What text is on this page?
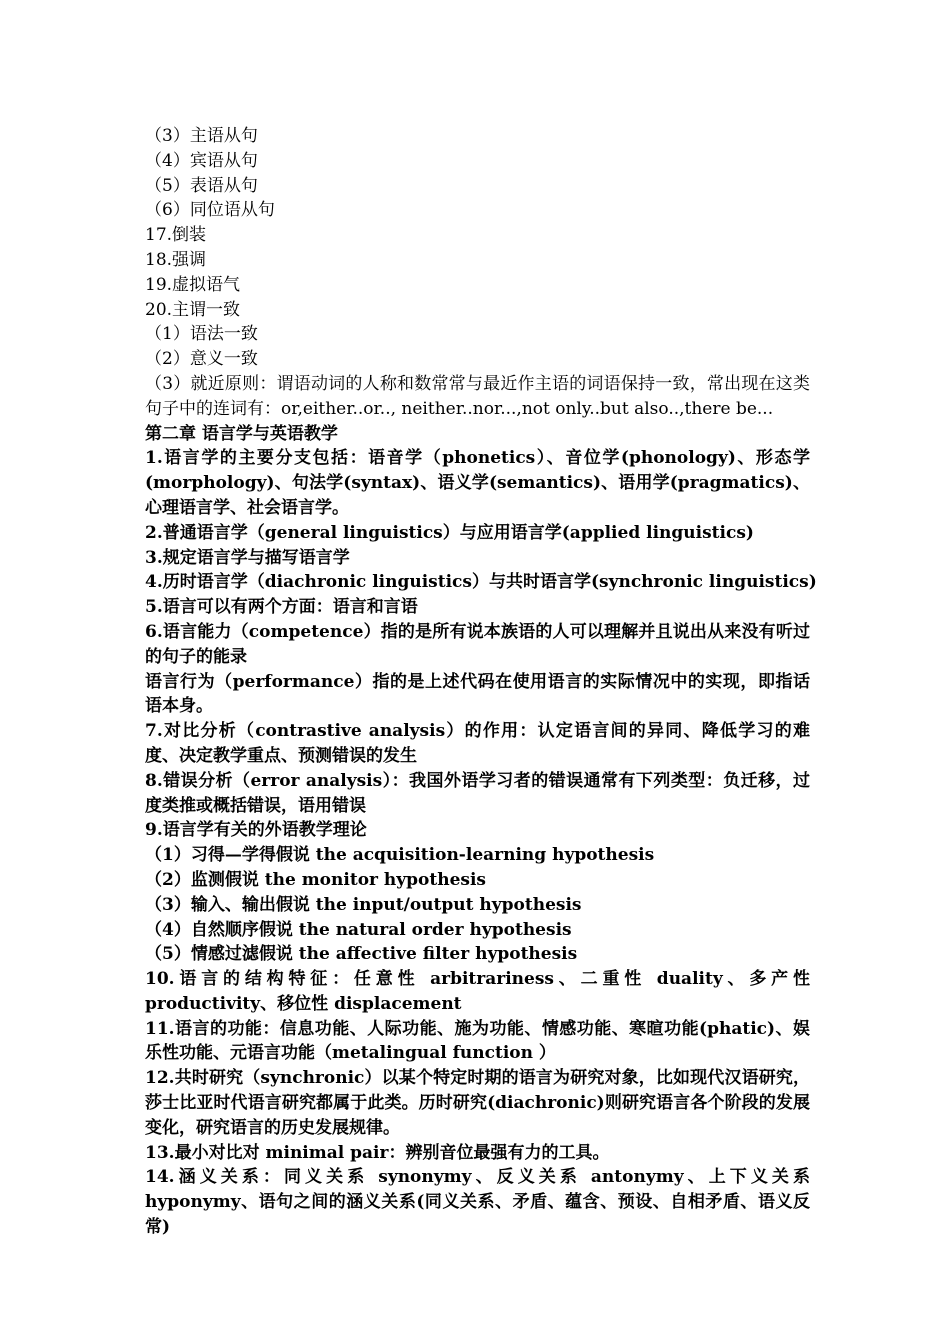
（3）主语从句
（4）宾语从句
（5）表语从句
（6）同位语从句
17.倒装
18.强调
19.虚拟语气
20.主谓一致
（1）语法一致
（2）意义一致
（3）就近原则：谓语动词的人称和数常常与最近作主语的词语保持一致，常出现在这类句子中的连词有：or,either..or.., neither..nor...,not only..but also..,there be...
第二章 语言学与英语教学
1.语言学的主要分支包括：语音学（phonetics）、音位学(phonology)、形态学(morphology)、句法学(syntax)、语义学(semantics)、语用学(pragmatics)、心理语言学、社会语言学。
2.普通语言学（general linguistics）与应用语言学(applied linguistics)
3.规定语言学与描写语言学
4.历时语言学（diachronic linguistics）与共时语言学(synchronic linguistics)
5.语言可以有两个方面：语言和言语
6.语言能力（competence）指的是所有说本族语的人可以理解并且说出从来没有听过的句子的能录
语言行为（performance）指的是上述代码在使用语言的实际情况中的实现，即指话语本身。
7.对比分析（contrastive analysis）的作用：认定语言间的异同、降低学习的难度、决定教学重点、预测错误的发生
8.错误分析（error analysis）：我国外语学习者的错误通常有下列类型：负迁移，过度类推或概括错误，语用错误
9.语言学有关的外语教学理论
（1）习得—学得假说 the acquisition-learning hypothesis
（2）监测假说 the monitor hypothesis
（3）输入、输出假说 the input/output hypothesis
（4）自然顺序假说 the natural order hypothesis
（5）情感过滤假说 the affective filter hypothesis
10.语言的结构特征：任意性 arbitrariness、二重性 duality、多产性 productivity、移位性 displacement
11.语言的功能：信息功能、人际功能、施为功能、情感功能、寒暄功能(phatic)、娱乐性功能、元语言功能（metalingual function ）
12.共时研究（synchronic）以某个特定时期的语言为研究对象，比如现代汉语研究，莎士比亚时代语言研究都属于此类。历时研究(diachronic)则研究语言各个阶段的发展变化，研究语言的历史发展规律。
13.最小对比对 minimal pair：辨别音位最强有力的工具。
14.涵义关系：同义关系 synonymy、反义关系 antonymy、上下义关系 hyponymy、语句之间的涵义关系(同义关系、矛盾、蕴含、预设、自相矛盾、语义反常)
